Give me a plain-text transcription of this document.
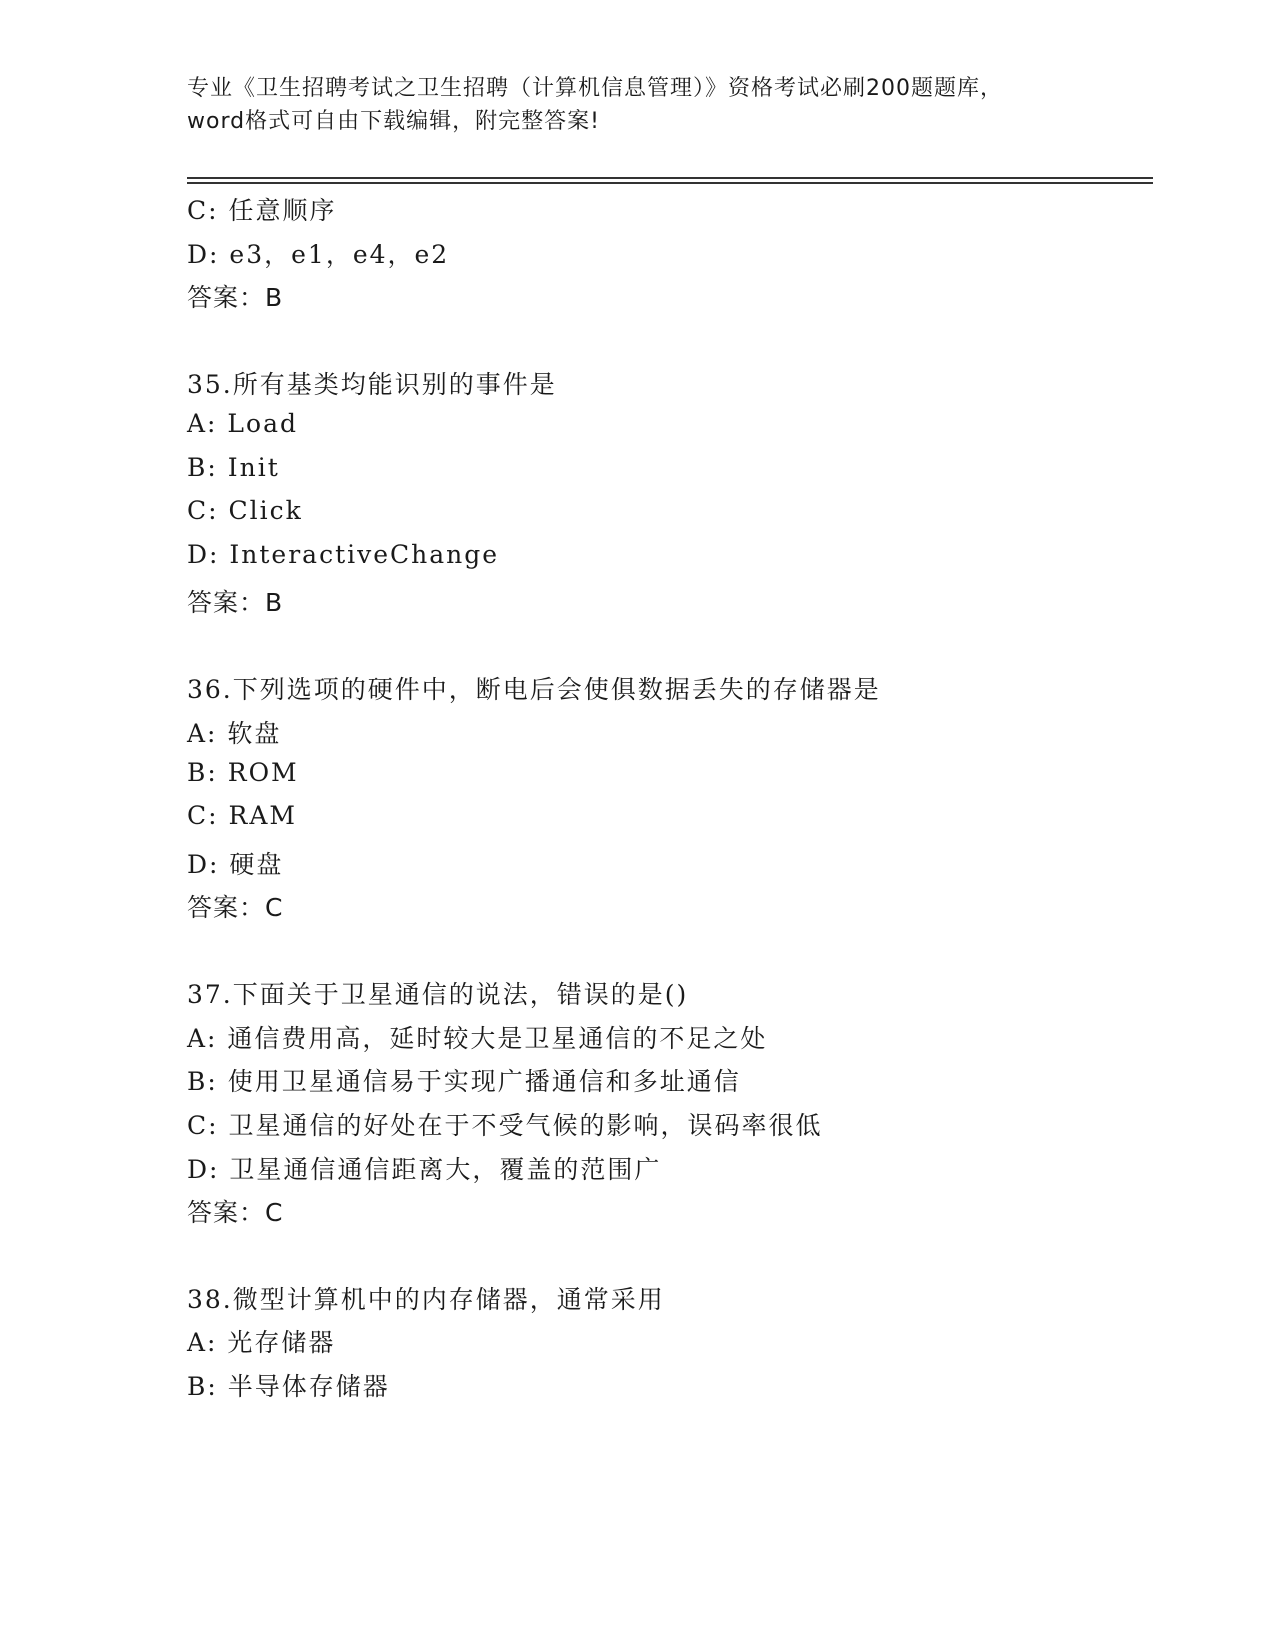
专业《卫生招聘考试之卫生招聘（计算机信息管理）》资格考试必刷200题题库，
word格式可自由下载编辑，附完整答案!
C: 任意顺序
D: e3，e1，e4，e2
答案：B
35.所有基类均能识别的事件是
A: Load
B: Init
C: Click
D: InteractiveChange
答案：B
36.下列选项的硬件中，断电后会使俱数据丢失的存储器是
A: 软盘
B: ROM
C: RAM
D: 硬盘
答案：C
37.下面关于卫星通信的说法，错误的是()
A: 通信费用高，延时较大是卫星通信的不足之处
B: 使用卫星通信易于实现广播通信和多址通信
C: 卫星通信的好处在于不受气候的影响，误码率很低
D: 卫星通信通信距离大，覆盖的范围广
答案：C
38.微型计算机中的内存储器，通常采用
A: 光存储器
B: 半导体存储器
